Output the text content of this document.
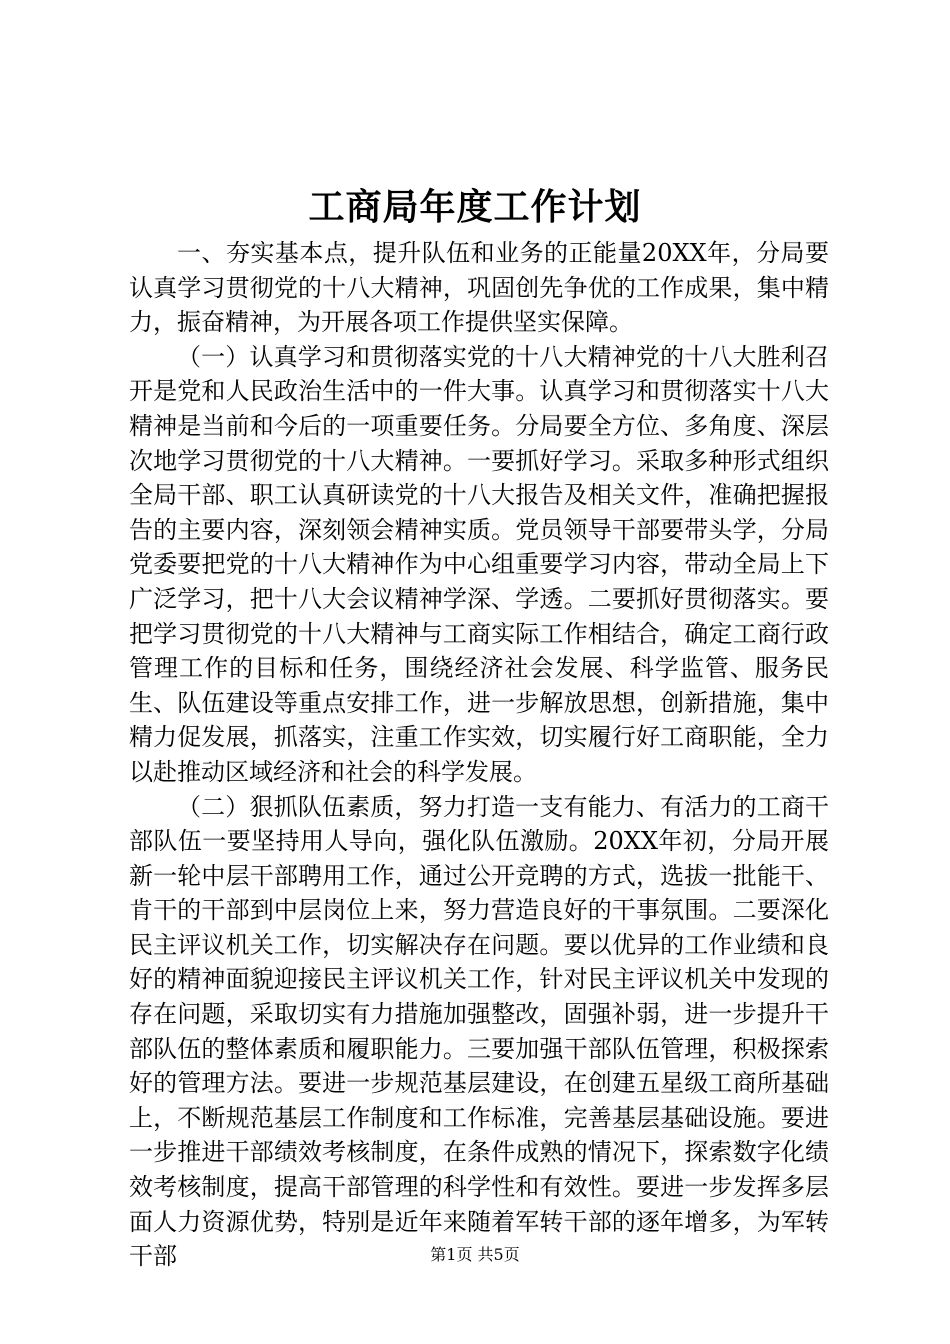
工商局年度工作计划

一、夯实基本点，提升队伍和业务的正能量20XX年，分局要认真学习贯彻党的十八大精神，巩固创先争优的工作成果，集中精力，振奋精神，为开展各项工作提供坚实保障。

（一）认真学习和贯彻落实党的十八大精神党的十八大胜利召开是党和人民政治生活中的一件大事。认真学习和贯彻落实十八大精神是当前和今后的一项重要任务。分局要全方位、多角度、深层次地学习贯彻党的十八大精神。一要抓好学习。采取多种形式组织全局干部、职工认真研读党的十八大报告及相关文件，准确把握报告的主要内容，深刻领会精神实质。党员领导干部要带头学，分局党委要把党的十八大精神作为中心组重要学习内容，带动全局上下广泛学习，把十八大会议精神学深、学透。二要抓好贯彻落实。要把学习贯彻党的十八大精神与工商实际工作相结合，确定工商行政管理工作的目标和任务，围绕经济社会发展、科学监管、服务民生、队伍建设等重点安排工作，进一步解放思想，创新措施，集中精力促发展，抓落实，注重工作实效，切实履行好工商职能，全力以赴推动区域经济和社会的科学发展。

（二）狠抓队伍素质，努力打造一支有能力、有活力的工商干部队伍一要坚持用人导向，强化队伍激励。20XX年初，分局开展新一轮中层干部聘用工作，通过公开竞聘的方式，选拔一批能干、肯干的干部到中层岗位上来，努力营造良好的干事氛围。二要深化民主评议机关工作，切实解决存在问题。要以优异的工作业绩和良好的精神面貌迎接民主评议机关工作，针对民主评议机关中发现的存在问题，采取切实有力措施加强整改，固强补弱，进一步提升干部队伍的整体素质和履职能力。三要加强干部队伍管理，积极探索好的管理方法。要进一步规范基层建设，在创建五星级工商所基础上，不断规范基层工作制度和工作标准，完善基层基础设施。要进一步推进干部绩效考核制度，在条件成熟的情况下，探索数字化绩效考核制度，提高干部管理的科学性和有效性。要进一步发挥多层面人力资源优势，特别是近年来随着军转干部的逐年增多，为军转干部	第1页 共5页
